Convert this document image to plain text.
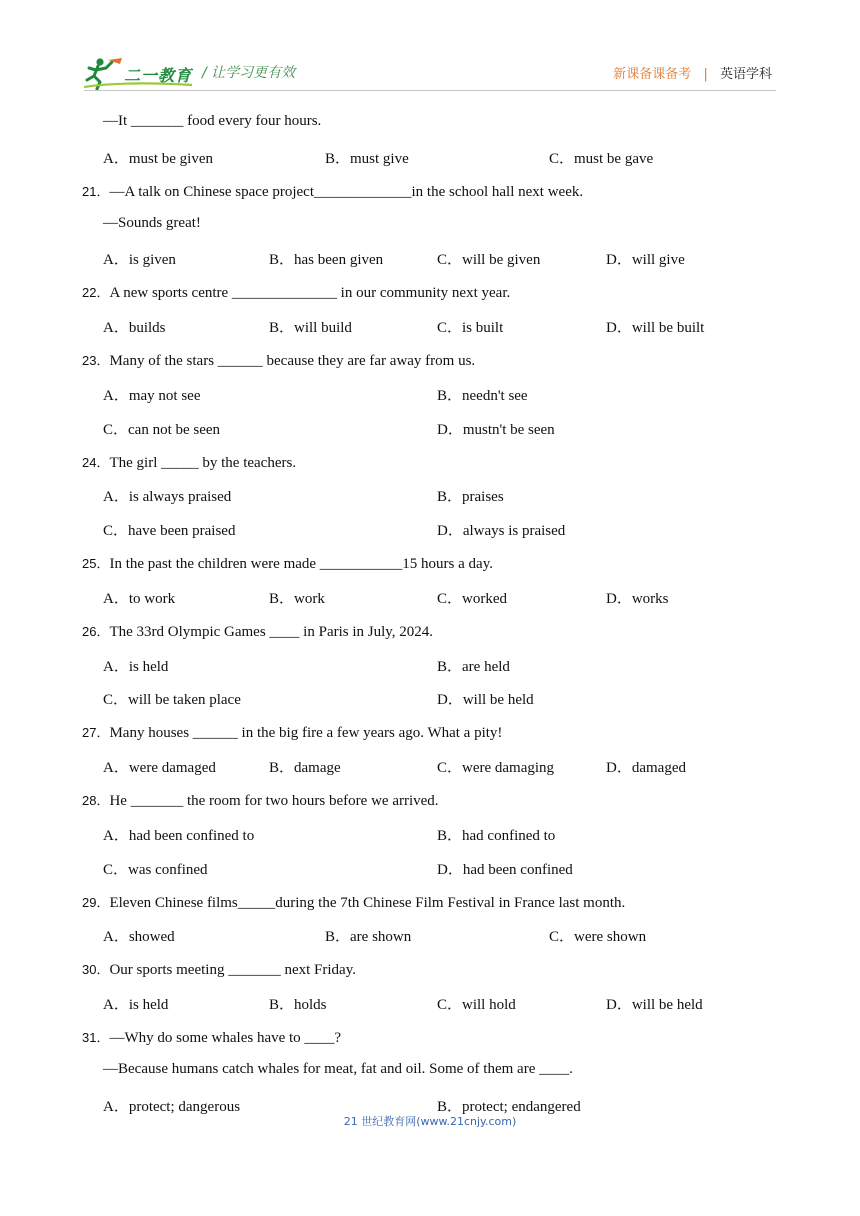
二一教育 / 让学习更有效	新课备课备考 | 英语学科
—It _______ food every four hours.
A．must be given	B．must give	C．must be gave
21．—A talk on Chinese space project_____________in the school hall next week.
—Sounds great!
A．is given	B．has been given	C．will be given	D．will give
22．A new sports centre ______________ in our community next year.
A．builds	B．will build	C．is built	D．will be built
23．Many of the stars ______ because they are far away from us.
A．may not see	B．needn't see
C．can not be seen	D．mustn't be seen
24．The girl _____ by the teachers.
A．is always praised	B．praises
C．have been praised	D．always is praised
25．In the past the children were made ___________15 hours a day.
A．to work	B．work	C．worked	D．works
26．The 33rd Olympic Games ____ in Paris in July, 2024.
A．is held	B．are held
C．will be taken place	D．will be held
27．Many houses ______ in the big fire a few years ago. What a pity!
A．were damaged	B．damage	C．were damaging	D．damaged
28．He _______ the room for two hours before we arrived.
A．had been confined to	B．had confined to
C．was confined	D．had been confined
29．Eleven Chinese films_____during the 7th Chinese Film Festival in France last month.
A．showed	B．are shown	C．were shown
30．Our sports meeting _______ next Friday.
A．is held	B．holds	C．will hold	D．will be held
31．—Why do some whales have to ____?
—Because humans catch whales for meat, fat and oil. Some of them are ____.
A．protect; dangerous	B．protect; endangered
21 世纪教育网(www.21cnjy.com)
